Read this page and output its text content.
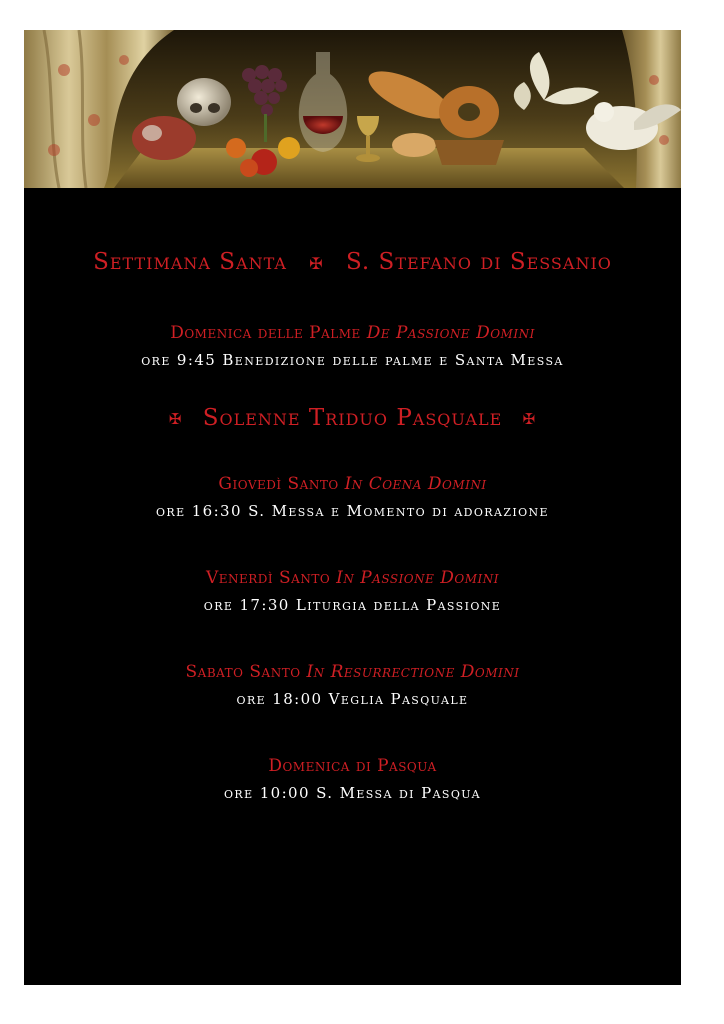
Settimana Santa ✠ S. Stefano di Sessanio
Domenica delle Palme De Passione Domini
ore 9:45 Benedizione delle palme e Santa Messa
✠ Solenne Triduo Pasquale ✠
Giovedì Santo In Coena Domini
ore 16:30 S. Messa e Momento di adorazione
Venerdì Santo In Passione Domini
ore 17:30 Liturgia della Passione
Sabato Santo In Resurrectione Domini
ore 18:00 Veglia Pasquale
Domenica di Pasqua
ore 10:00 S. Messa di Pasqua
